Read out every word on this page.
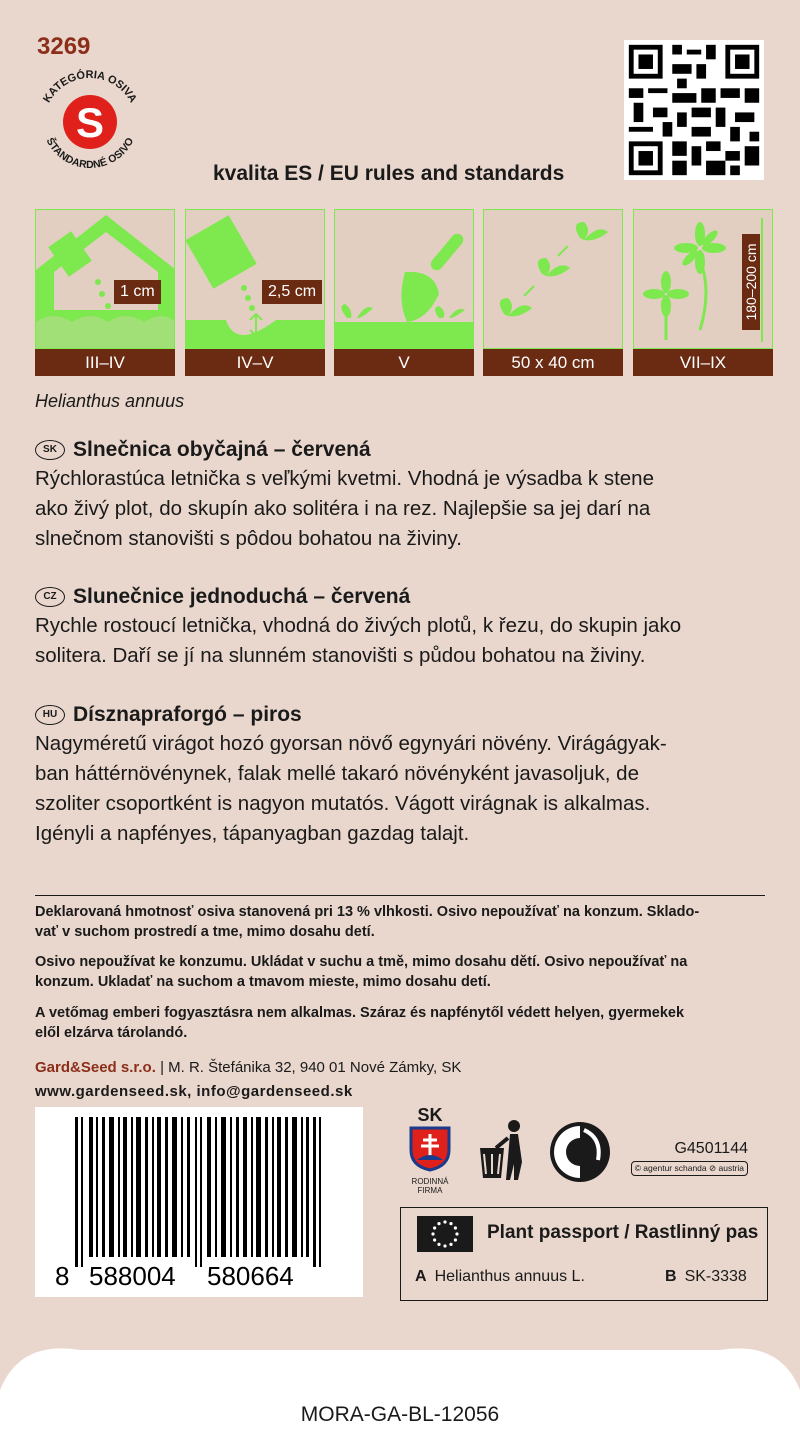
3269
KATEGÓRIA OSIVA
ŠTANDARDNÉ OSIVO
S
kvalita ES / EU rules and standards
1 cm
III–IV
2,5 cm
IV–V	V	50 x 40 cm
180–200 cm
VII–IX
Helianthus annuus
SK Slnečnica obyčajná – červená
Rýchlorastúca letnička s veľkými kvetmi. Vhodná je výsadba k stene
ako živý plot, do skupín ako solitéra i na rez. Najlepšie sa jej darí na
slnečnom stanovišti s pôdou bohatou na živiny.
CZ Slunečnice jednoduchá – červená
Rychle rostoucí letnička, vhodná do živých plotů, k řezu, do skupin jako
solitera. Daří se jí na slunném stanovišti s půdou bohatou na živiny.
HU Dísznapraforgó – piros
Nagyméretű virágot hozó gyorsan növő egynyári növény. Virágágyak-
ban háttérnövénynek, falak mellé takaró növényként javasoljuk, de
szoliter csoportként is nagyon mutatós. Vágott virágnak is alkalmas.
Igényli a napfényes, tápanyagban gazdag talajt.
Deklarovaná hmotnosť osiva stanovená pri 13 % vlhkosti. Osivo nepoužívať na konzum. Sklado-
vať v suchom prostredí a tme, mimo dosahu detí.
Osivo nepoužívat ke konzumu. Ukládat v suchu a tmě, mimo dosahu dětí. Osivo nepoužívať na
konzum. Ukladať na suchom a tmavom mieste, mimo dosahu detí.
A vetőmag emberi fogyasztásra nem alkalmas. Száraz és napfénytől védett helyen, gyermekek
elől elzárva tárolandó.
Gard&Seed s.r.o. | M. R. Štefánika 32, 940 01 Nové Zámky, SK
www.gardenseed.sk, info@gardenseed.sk
8 588004 580664
SK
RODINNÁ
FIRMA
G4501144
© agentur schanda ⊘ austria
Plant passport / Rastlinný pas
A Helianthus annuus L.	B SK-3338
MORA-GA-BL-12056
